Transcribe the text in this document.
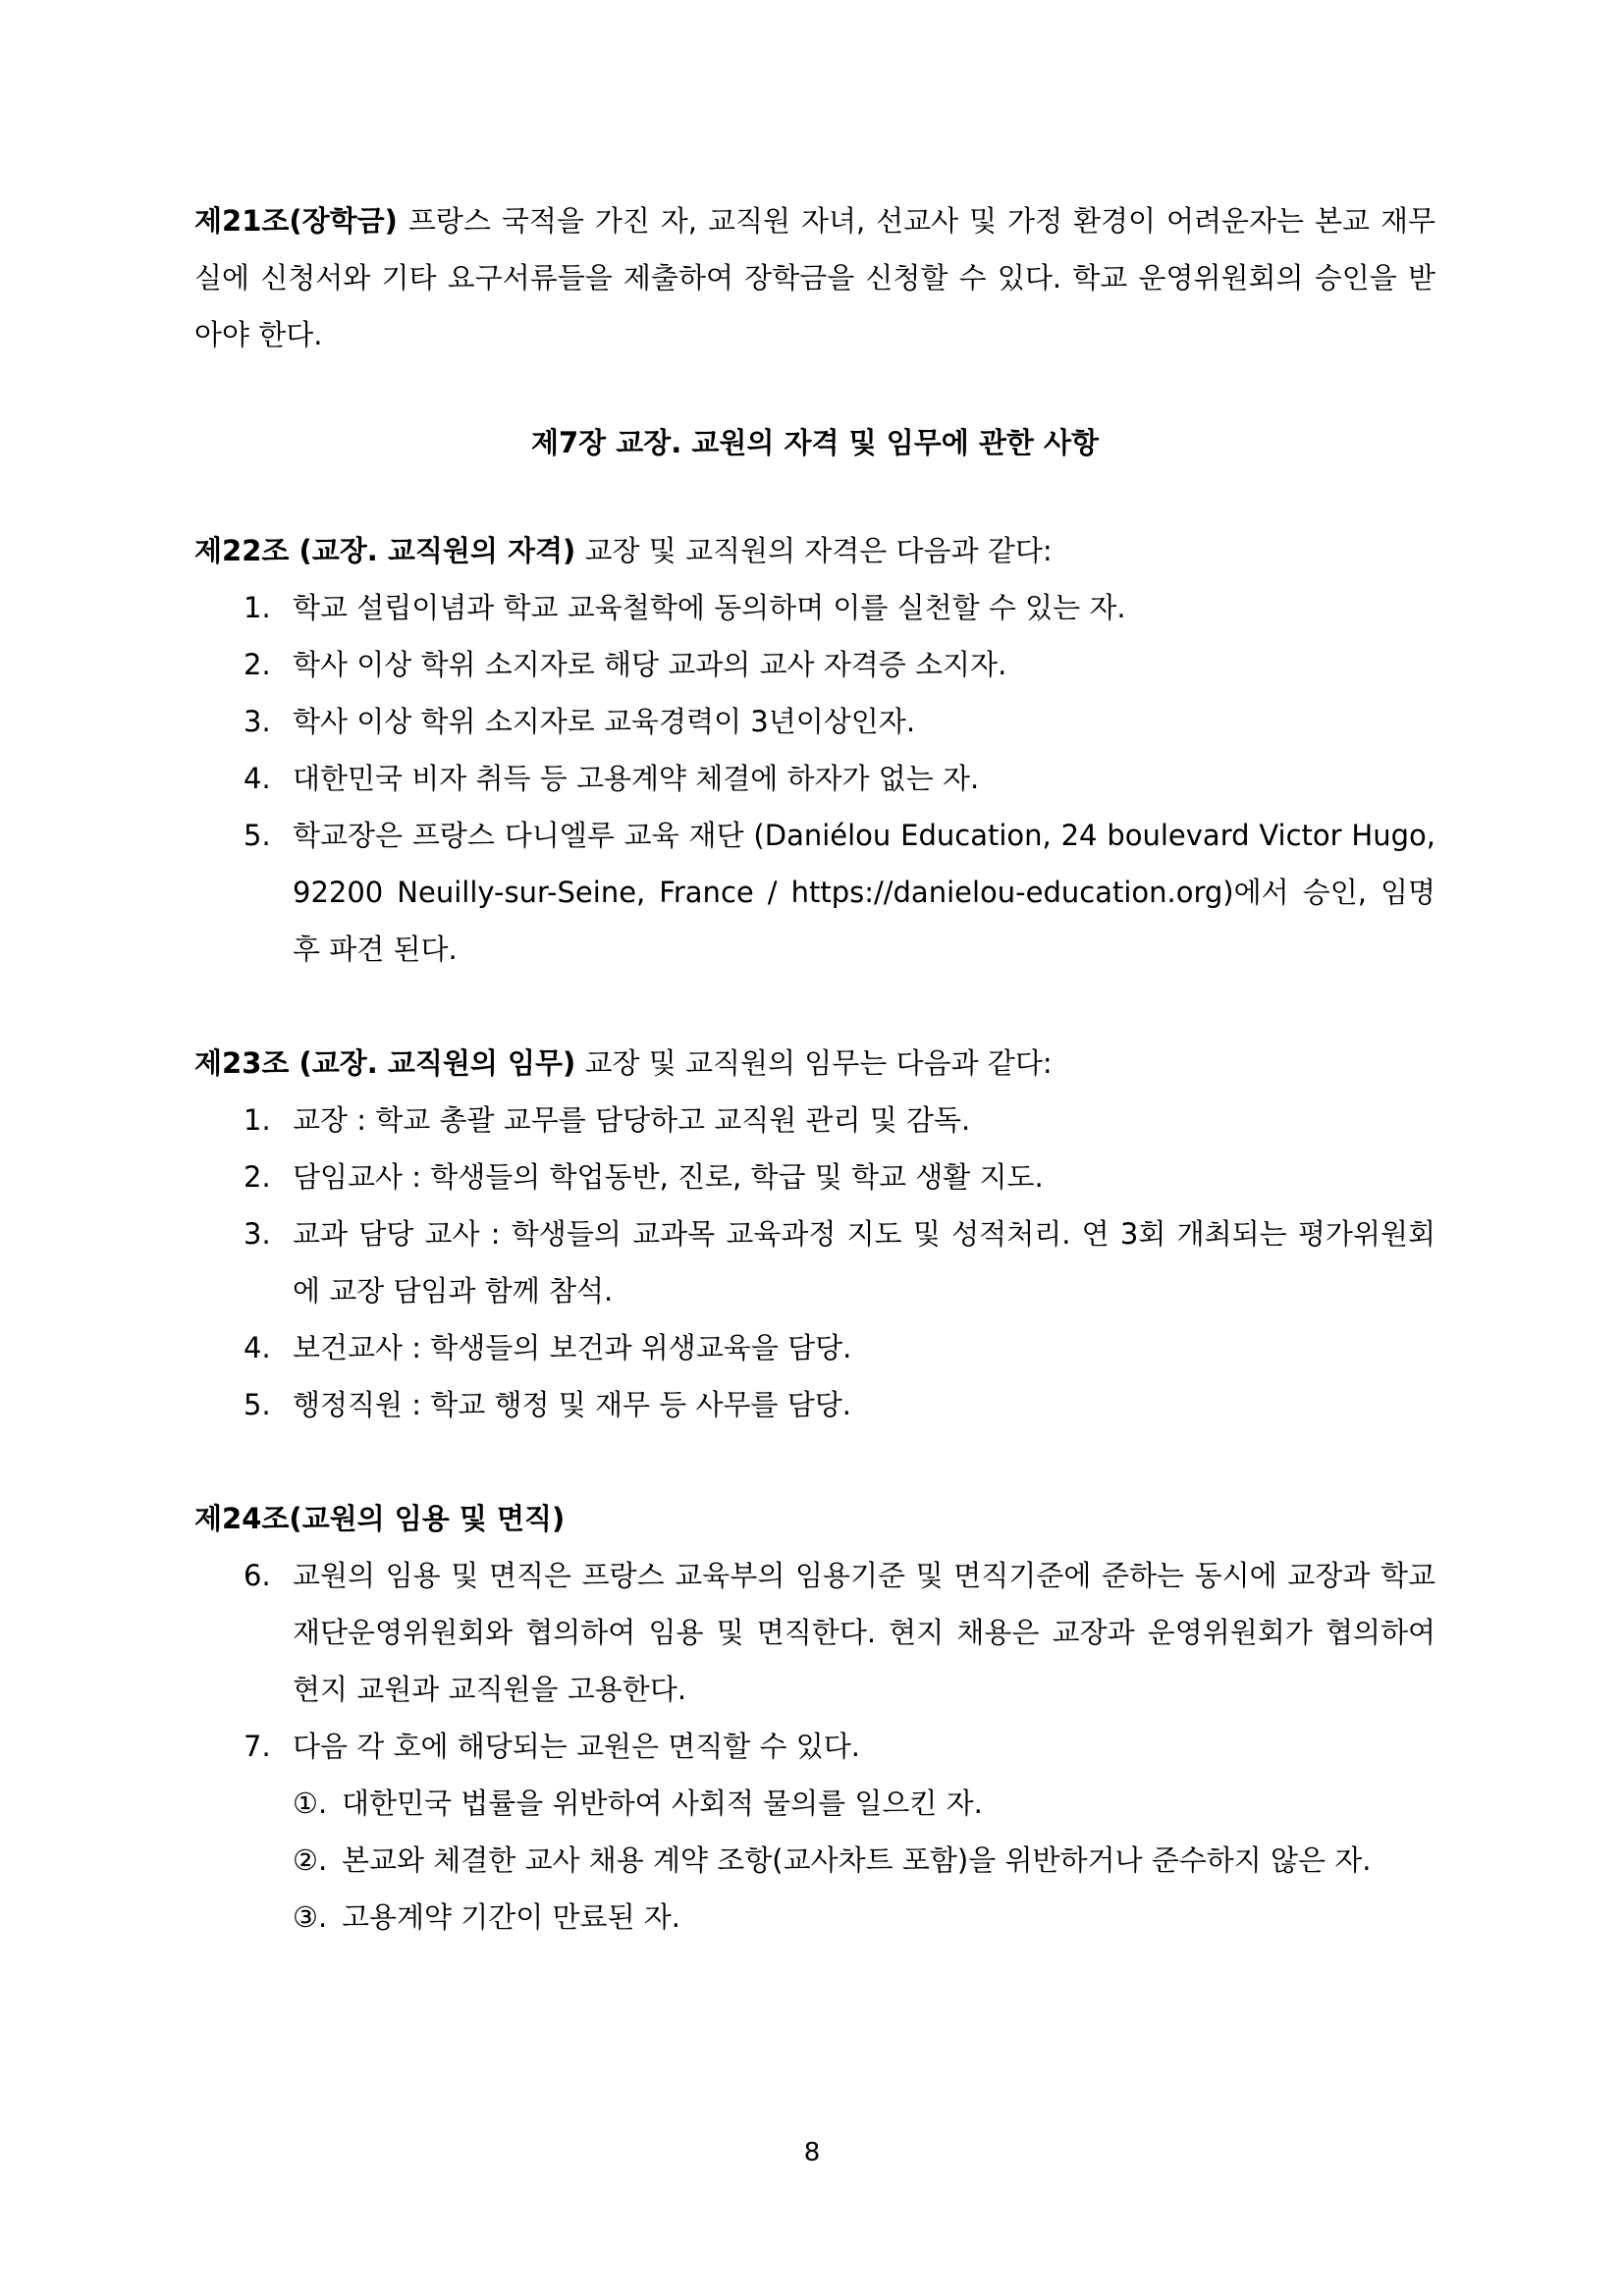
제21조(장학금) 프랑스 국적을 가진 자, 교직원 자녀, 선교사 및 가정 환경이 어려운자는 본교 재무실에 신청서와 기타 요구서류들을 제출하여 장학금을 신청할 수 있다. 학교 운영위원회의 승인을 받아야 한다.

제7장 교장. 교원의 자격 및 임무에 관한 사항

제22조 (교장. 교직원의 자격) 교장 및 교직원의 자격은 다음과 같다:

1. 학교 설립이념과 학교 교육철학에 동의하며 이를 실천할 수 있는 자.
2. 학사 이상 학위 소지자로 해당 교과의 교사 자격증 소지자.
3. 학사 이상 학위 소지자로 교육경력이 3년이상인자.
4. 대한민국 비자 취득 등 고용계약 체결에 하자가 없는 자.
5. 학교장은 프랑스 다니엘루 교육 재단 (Daniélou Education, 24 boulevard Victor Hugo, 92200 Neuilly-sur-Seine, France / https://danielou-education.org)에서 승인, 임명 후 파견 된다.

제23조 (교장. 교직원의 임무) 교장 및 교직원의 임무는 다음과 같다:

1. 교장 : 학교 총괄 교무를 담당하고 교직원 관리 및 감독.
2. 담임교사 : 학생들의 학업동반, 진로, 학급 및 학교 생활 지도.
3. 교과 담당 교사 : 학생들의 교과목 교육과정 지도 및 성적처리. 연 3회 개최되는 평가위원회에 교장 담임과 함께 참석.
4. 보건교사 : 학생들의 보건과 위생교육을 담당.
5. 행정직원 : 학교 행정 및 재무 등 사무를 담당.

제24조(교원의 임용 및 면직)

6. 교원의 임용 및 면직은 프랑스 교육부의 임용기준 및 면직기준에 준하는 동시에 교장과 학교재단운영위원회와 협의하여 임용 및 면직한다. 현지 채용은 교장과 운영위원회가 협의하여 현지 교원과 교직원을 고용한다.
7. 다음 각 호에 해당되는 교원은 면직할 수 있다.
①. 대한민국 법률을 위반하여 사회적 물의를 일으킨 자.
②. 본교와 체결한 교사 채용 계약 조항(교사차트 포함)을 위반하거나 준수하지 않은 자.
③. 고용계약 기간이 만료된 자.
8
